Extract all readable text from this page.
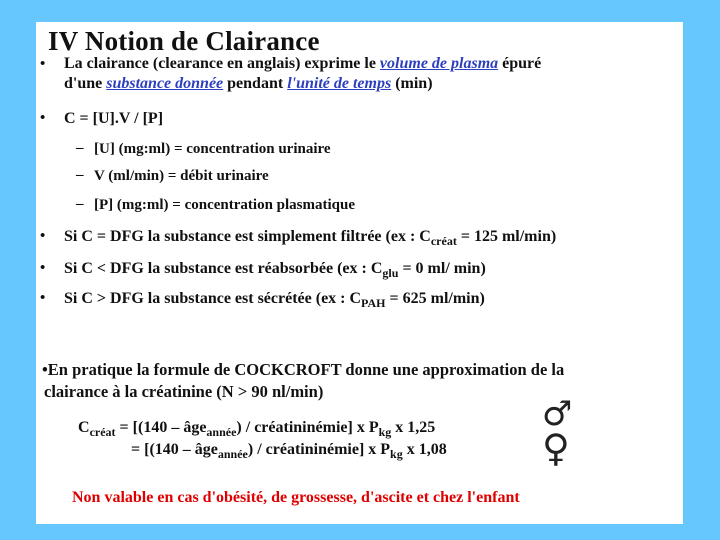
IV Notion de Clairance
• La clairance (clearance en anglais) exprime le volume de plasma épuré
d'une substance donnée pendant l'unité de temps (min)
• C = [U].V / [P]
– [U] (mg:ml) = concentration urinaire
– V (ml/min) = débit urinaire
– [P] (mg:ml) = concentration plasmatique
• Si C = DFG la substance est simplement filtrée (ex : $C_{créat} = 125$ ml/min)
• Si C < DFG la substance est réabsorbée (ex : $C_{glu} = 0$ ml/ min)
• Si C > DFG la substance est sécrétée (ex : $C_{PAH} = 625$ ml/min)
•En pratique la formule de COCKCROFT donne une approximation de la
clairance à la créatinine (N > 90 nl/min)
$C_{créat} = [(140$ – âge$_{année}$) / créatininémie] x $P_{kg}$ x 1,25
= [(140 – âge$_{année}$) / créatininémie] x $P_{kg}$ x 1,08
♂
♀
Non valable en cas d'obésité, de grossesse, d'ascite et chez l'enfant
